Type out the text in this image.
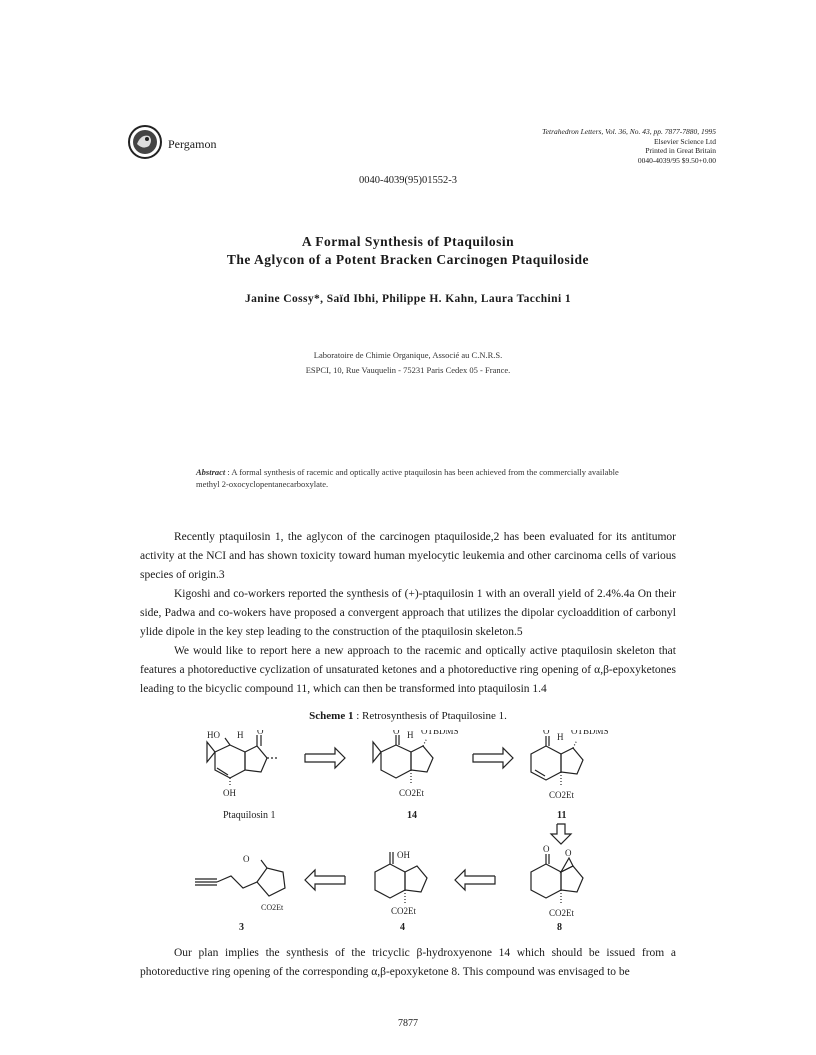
Pergamon
Tetrahedron Letters, Vol. 36, No. 43, pp. 7877-7880, 1995
Elsevier Science Ltd
Printed in Great Britain
0040-4039/95 $9.50+0.00
0040-4039(95)01552-3
A Formal Synthesis of Ptaquilosin
The Aglycon of a Potent Bracken Carcinogen Ptaquiloside
Janine Cossy*, Saïd Ibhi, Philippe H. Kahn, Laura Tacchini 1
Laboratoire de Chimie Organique, Associé au C.N.R.S.
ESPCI, 10, Rue Vauquelin - 75231 Paris Cedex 05 - France.
Abstract : A formal synthesis of racemic and optically active ptaquilosin has been achieved from the commercially available methyl 2-oxocyclopentanecarboxylate.

Recently ptaquilosin 1, the aglycon of the carcinogen ptaquiloside,2 has been evaluated for its antitumor activity at the NCI and has shown toxicity toward human myelocytic leukemia and other carcinoma cells of various species of origin.3

Kigoshi and co-workers reported the synthesis of (+)-ptaquilosin 1 with an overall yield of 2.4%.4a On their side, Padwa and co-wokers have proposed a convergent approach that utilizes the dipolar cycloaddition of carbonyl ylide dipole in the key step leading to the construction of the ptaquilosin skeleton.5

We would like to report here a new approach to the racemic and optically active ptaquilosin skeleton that features a photoreductive cyclization of unsaturated ketones and a photoreductive ring opening of α,β-epoxyketones leading to the bicyclic compound 11, which can then be transformed into ptaquilosin 1.4

Scheme 1 : Retrosynthesis of Ptaquilosine 1.
HO H O
OH
Ptaquilosin 1
O H OTBDMS
CO2Et
14
O
H
OTBDMS
CO2Et
11
O
CO2Et
3
OH
CO2Et
4
O O
CO2Et
8

Our plan implies the synthesis of the tricyclic β-hydroxyenone 14 which should be issued from a photoreductive ring opening of the corresponding α,β-epoxyketone 8. This compound was envisaged to be

7877
